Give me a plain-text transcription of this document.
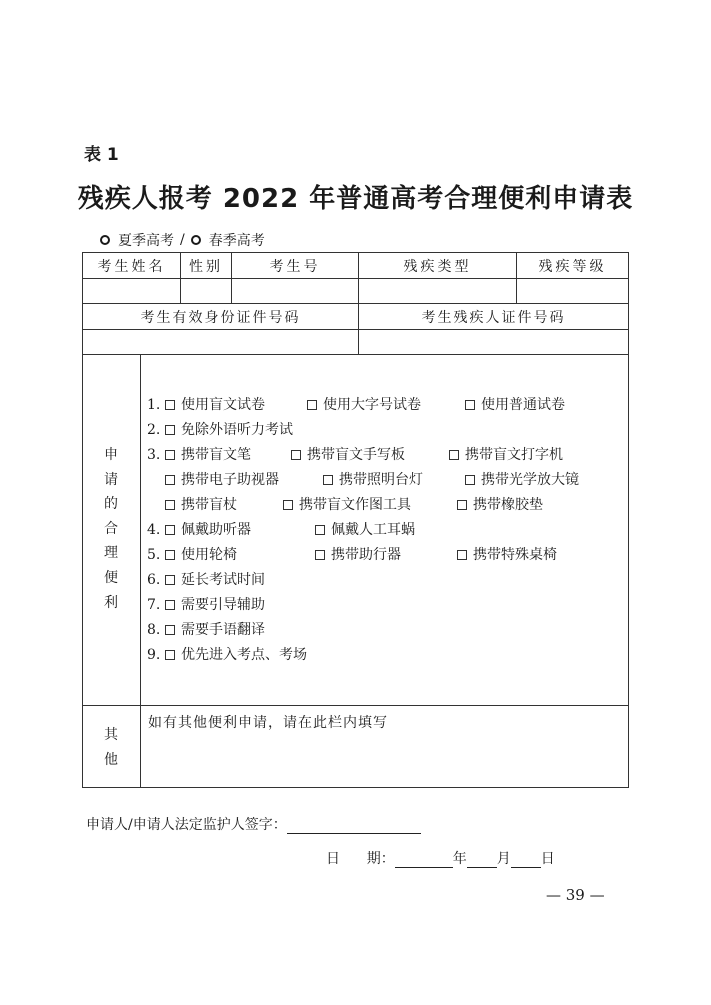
表 1
残疾人报考 2022 年普通高考合理便利申请表
夏季高考 / 春季高考
考生姓名	性别	考生号	残疾类型	残疾等级
考生有效身份证件号码	考生残疾人证件号码
申
请
的
合
理
便
利
1. 使用盲文试卷	使用大字号试卷	使用普通试卷
2. 免除外语听力考试
3. 携带盲文笔	携带盲文手写板	携带盲文打字机
携带电子助视器	携带照明台灯	携带光学放大镜
携带盲杖	携带盲文作图工具	携带橡胶垫
4. 佩戴助听器	佩戴人工耳蜗
5. 使用轮椅	携带助行器	携带特殊桌椅
6. 延长考试时间
7. 需要引导辅助
8. 需要手语翻译
9. 优先进入考点、考场
其
他
如有其他便利申请，请在此栏内填写
申请人/申请人法定监护人签字：
日      期：	年 月 日
— 39 —
